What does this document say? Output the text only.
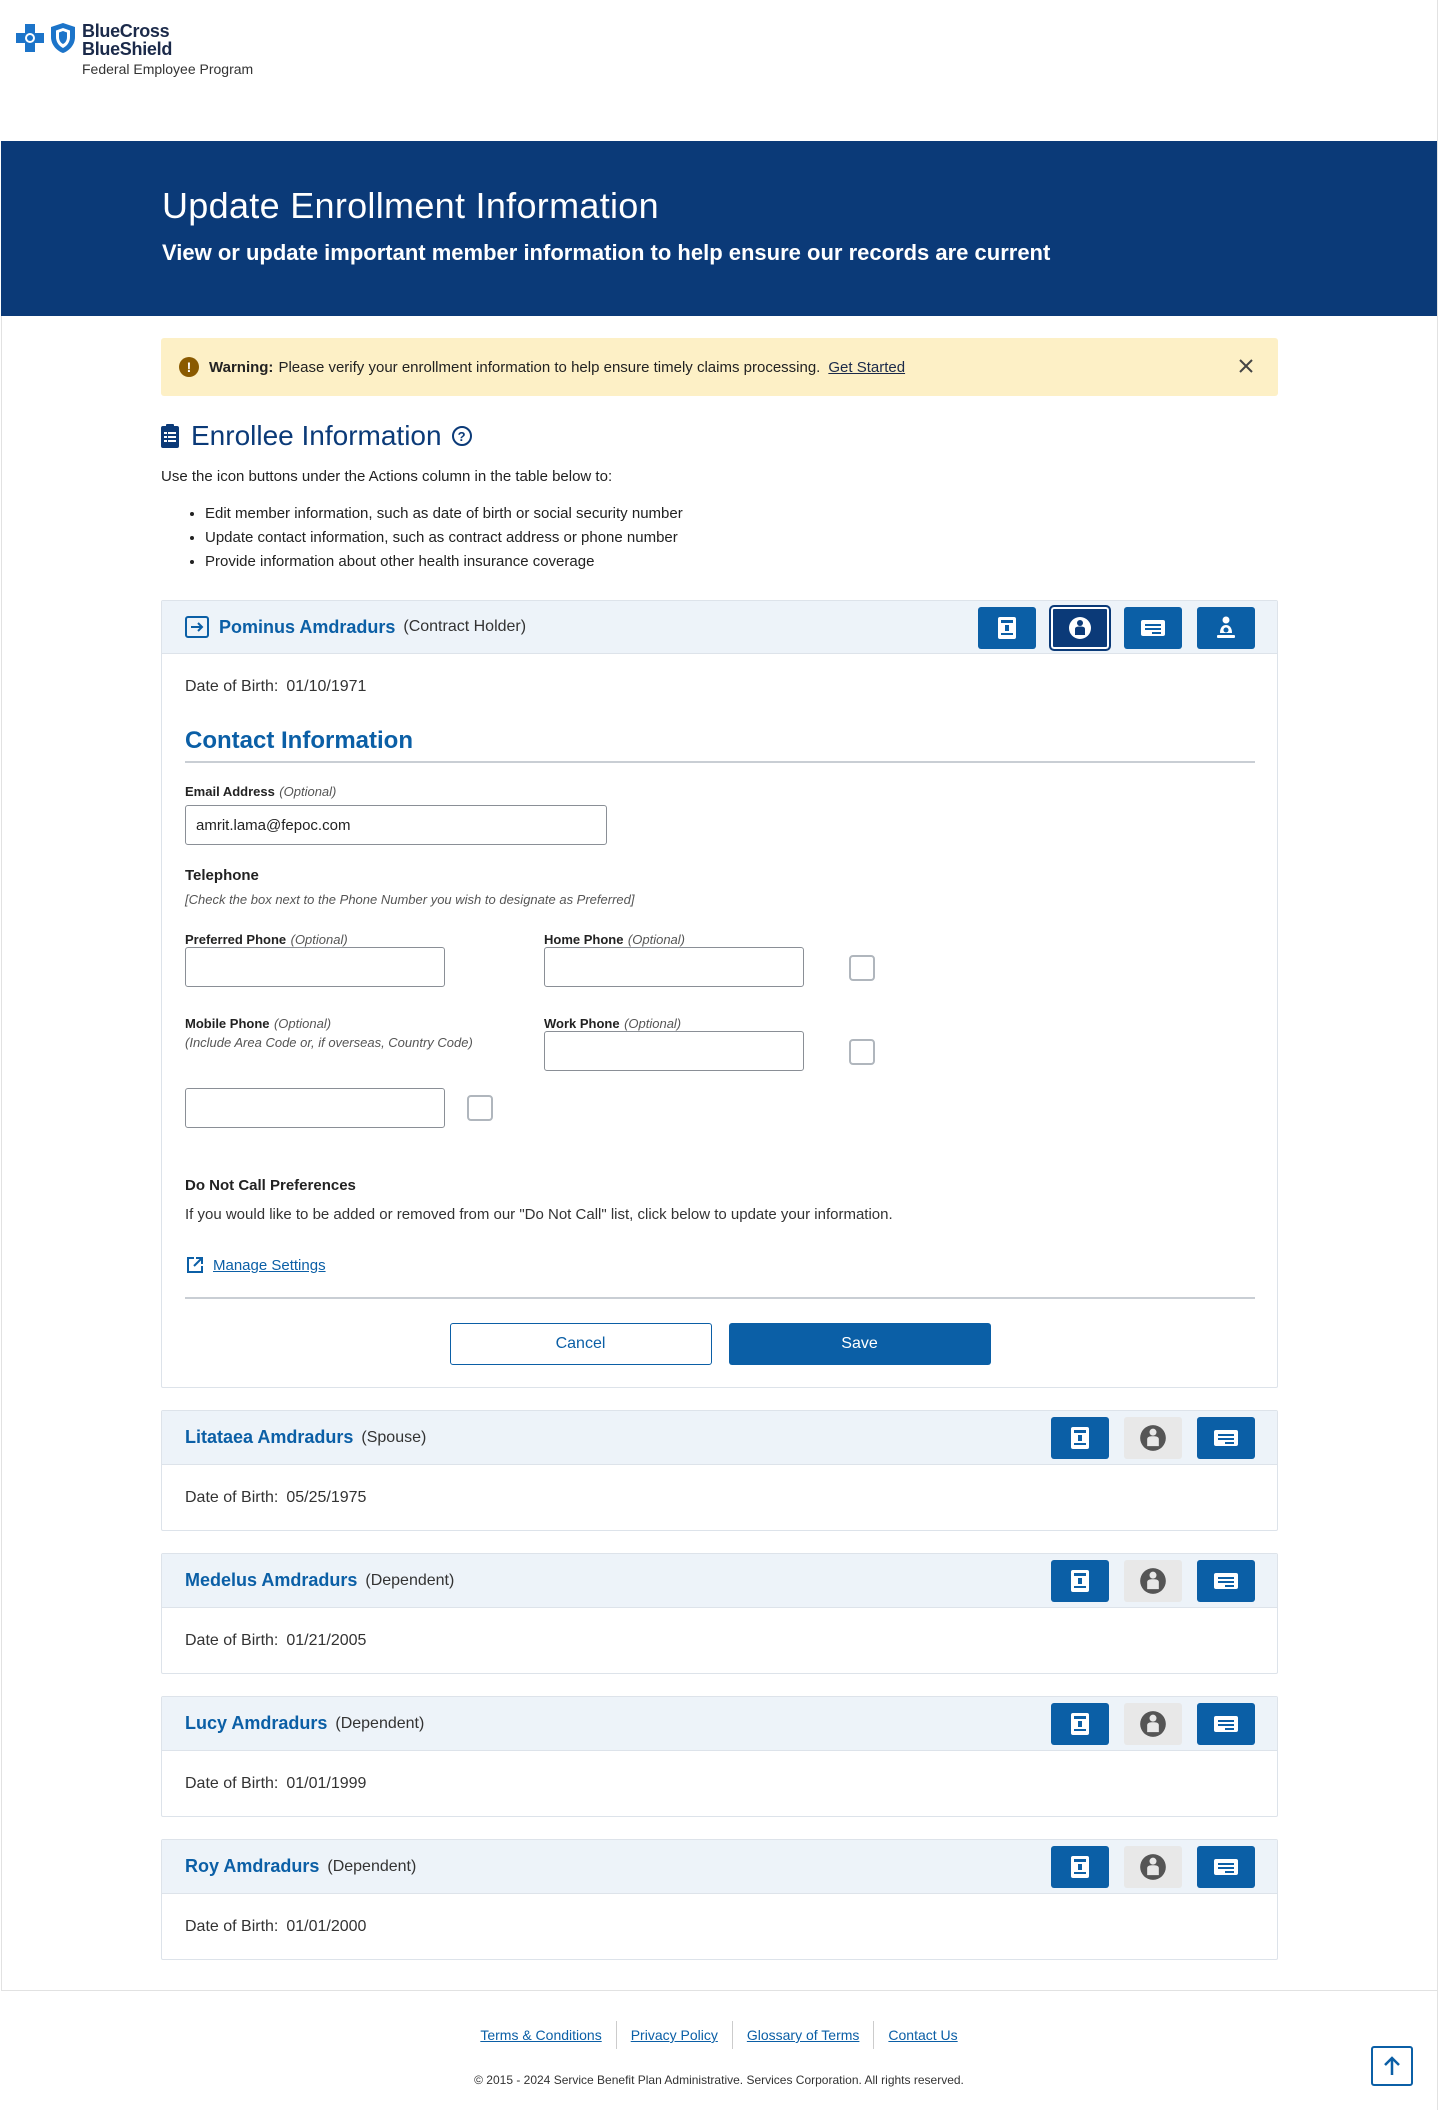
BlueCross
BlueShield
Federal Employee Program
Update Enrollment Information

View or update important member information to help ensure our records are current

!	Warning: Please verify your enrollment information to help ensure timely claims processing. Get Started
Enrollee Information	?

Use the icon buttons under the Actions column in the table below to:

• Edit member information, such as date of birth or social security number
• Update contact information, such as contract address or phone number
• Provide information about other health insurance coverage
Pominus Amdradurs (Contract Holder)
Date of Birth: 01/10/1971
Contact Information
Email Address (Optional)
amrit.lama@fepoc.com
Telephone
[Check the box next to the Phone Number you wish to designate as Preferred]
Preferred Phone (Optional)	Home Phone (Optional)
Mobile Phone (Optional)
(Include Area Code or, if overseas, Country Code)
Work Phone (Optional)
Do Not Call Preferences
If you would like to be added or removed from our "Do Not Call" list, click below to update your information.
Manage Settings
Cancel	Save
Litataea Amdradurs (Spouse)
Date of Birth: 05/25/1975
Medelus Amdradurs (Dependent)
Date of Birth: 01/21/2005
Lucy Amdradurs (Dependent)
Date of Birth: 01/01/1999
Roy Amdradurs (Dependent)
Date of Birth: 01/01/2000
Terms & Conditions	Privacy Policy	Glossary of Terms	Contact Us
© 2015 - 2024 Service Benefit Plan Administrative. Services Corporation. All rights reserved.
